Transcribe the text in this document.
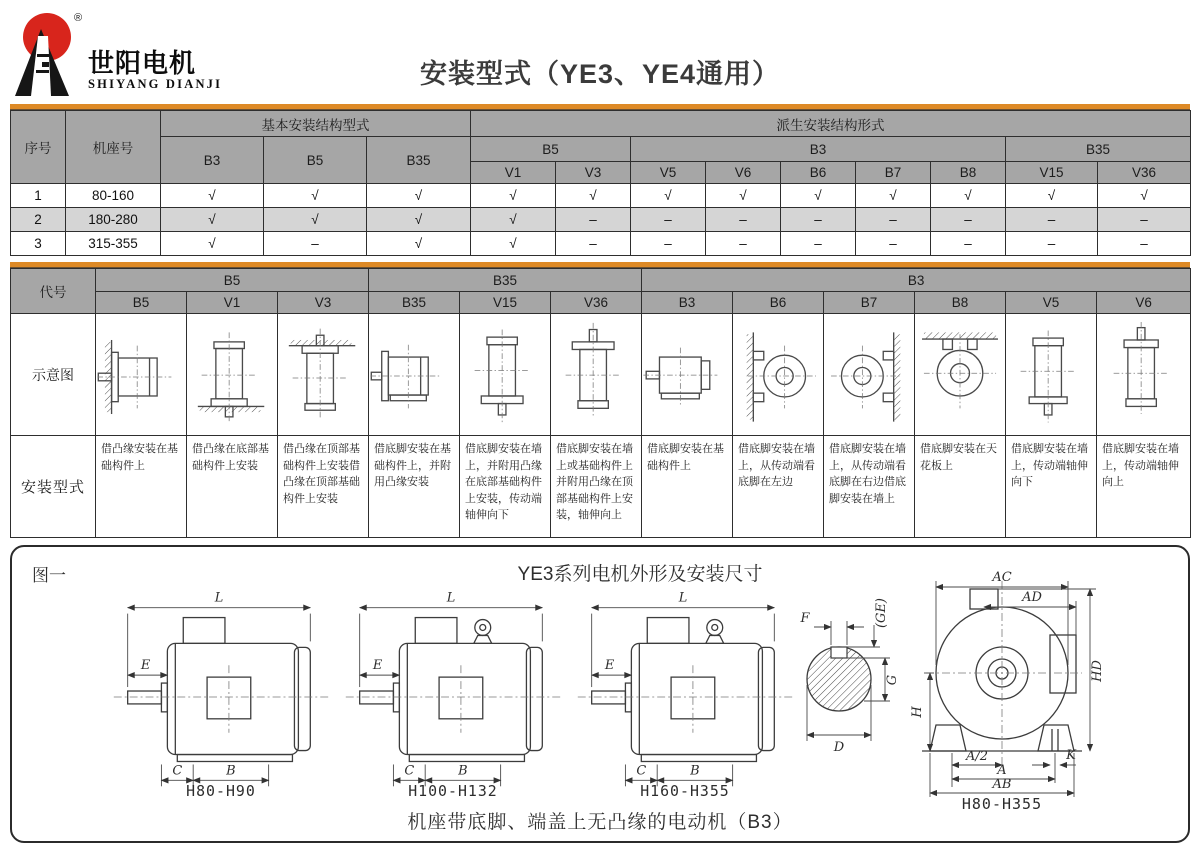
®
世阳电机
SHIYANG DIANJI	安装型式（YE3、YE4通用）
序号	机座号	基本安装结构型式			派生安装结构形式								
		B3	B5	B35	B5		B3					B35	
					V1	V3	V5	V6	B6	B7	B8	V15	V36
1	80-160	√	√	√	√	√	√	√	√	√	√	√	√
2	180-280	√	√	√	√	–	–	–	–	–	–	–	–
3	315-355	√	–	√	√	–	–	–	–	–	–	–	–
代号	B5			B35			B3					
	B5	V1	V3	B35	V15	V36	B3	B6	B7	B8	V5	V6
示意图	

安装型式	借凸缘安装在基础构件上	借凸缘在底部基础构件上安装	借凸缘在顶部基础构件上安装借凸缘在顶部基础构件上安装	借底脚安装在基础构件上，并附用凸缘安装	借底脚安装在墙上，并附用凸缘在底部基础构件上安装，传动端轴伸向下	借底脚安装在墙上或基础构件上并附用凸缘在顶部基础构件上安装，轴伸向上	借底脚安装在基础构件上	借底脚安装在墙上，从传动端看底脚在左边	借底脚安装在墙上，从传动端看底脚在右边借底脚安装在墙上	借底脚安装在天花板上	借底脚安装在墙上，传动端轴伸向下	借底脚安装在墙上，传动端轴伸向上
图一	YE3系列电机外形及安装尺寸
L
E
C	B
H80-H90
L
E
C	B
H100-H132
L
E
C	B
H160-H355
F	(GE)
G
D
AC
AD
HD
H
A/2	K
A
AB
H80-H355
机座带底脚、端盖上无凸缘的电动机（B3）
